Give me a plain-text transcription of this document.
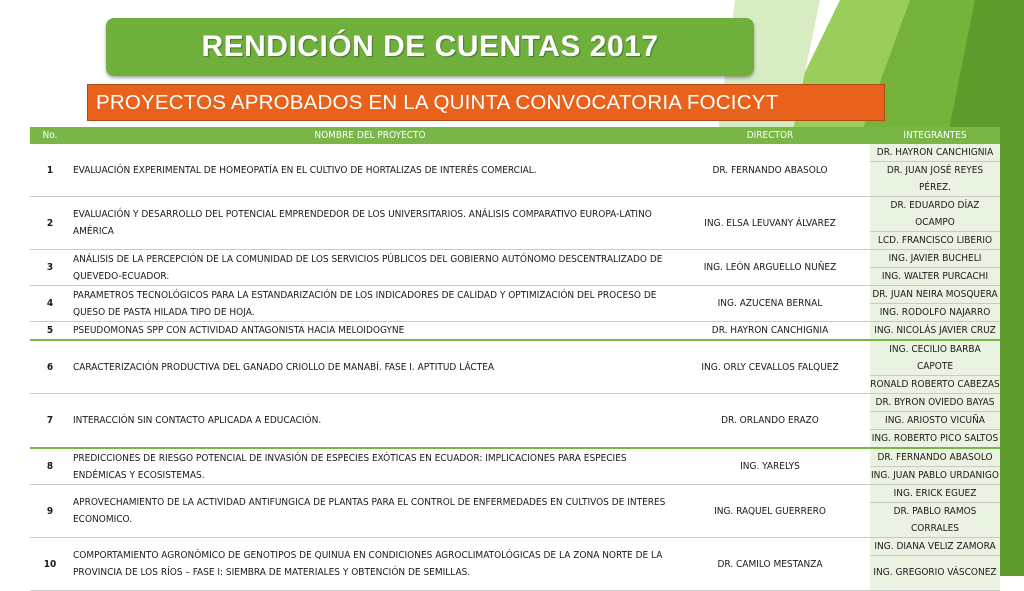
RENDICIÓN DE CUENTAS 2017
PROYECTOS APROBADOS EN LA QUINTA CONVOCATORIA FOCICYT
No.	NOMBRE DEL PROYECTO	DIRECTOR	INTEGRANTES
1	EVALUACIÓN EXPERIMENTAL DE HOMEOPATÍA EN EL CULTIVO DE HORTALIZAS DE INTERÉS COMERCIAL.	DR. FERNANDO ABASOLO	DR. HAYRON CANCHIGNIA
			DR. JUAN JOSÉ REYES PÉREZ.
2	EVALUACIÓN Y DESARROLLO DEL POTENCIAL EMPRENDEDOR DE LOS UNIVERSITARIOS. ANÁLISIS COMPARATIVO EUROPA-LATINO AMÉRICA	ING. ELSA LEUVANY ÁLVAREZ	DR. EDUARDO DÍAZ OCAMPO
			LCD. FRANCISCO LIBERIO
3	ANÁLISIS DE LA PERCEPCIÓN DE LA COMUNIDAD DE LOS SERVICIOS PÚBLICOS DEL GOBIERNO AUTÓNOMO DESCENTRALIZADO DE QUEVEDO-ECUADOR.	ING. LEÓN ARGUELLO NUÑEZ	ING. JAVIER BUCHELI
			ING. WALTER PURCACHI
4	PARAMETROS TECNOLÓGICOS PARA LA ESTANDARIZACIÓN DE LOS INDICADORES DE CALIDAD Y OPTIMIZACIÓN DEL PROCESO DE QUESO DE PASTA HILADA TIPO DE HOJA.	ING. AZUCENA BERNAL	DR. JUAN NEIRA MOSQUERA
			ING. RODOLFO NAJARRO
5	PSEUDOMONAS SPP CON ACTIVIDAD ANTAGONISTA HACIA MELOIDOGYNE	DR. HAYRON CANCHIGNIA	ING. NICOLÁS JAVIER CRUZ
6	CARACTERIZACIÓN PRODUCTIVA DEL GANADO CRIOLLO DE MANABÍ. FASE I. APTITUD LÁCTEA	ING. ORLY CEVALLOS FALQUEZ	ING. CECILIO BARBA CAPOTE
			RONALD ROBERTO CABEZAS
7	INTERACCIÓN SIN CONTACTO APLICADA A EDUCACIÓN.	DR. ORLANDO ERAZO	DR. BYRON OVIEDO BAYAS
			ING. ARIOSTO VICUÑA
			ING. ROBERTO PICO SALTOS
8	PREDICCIONES DE RIESGO POTENCIAL DE INVASIÓN DE ESPECIES EXÓTICAS EN ECUADOR: IMPLICACIONES PARA ESPECIES ENDÉMICAS Y ECOSISTEMAS.	ING. YARELYS	DR. FERNANDO ABASOLO
			ING. JUAN PABLO URDANIGO
9	APROVECHAMIENTO DE LA ACTIVIDAD ANTIFUNGICA DE PLANTAS PARA EL CONTROL DE ENFERMEDADES EN CULTIVOS DE INTERES ECONOMICO.	ING. RAQUEL GUERRERO	ING. ERICK EGUEZ
			DR. PABLO RAMOS CORRALES
10	COMPORTAMIENTO AGRONÓMICO DE GENOTIPOS DE QUINUA EN CONDICIONES AGROCLIMATOLÓGICAS DE LA ZONA NORTE DE LA PROVINCIA DE LOS RÍOS – FASE I: SIEMBRA DE MATERIALES Y OBTENCIÓN DE SEMILLAS.	DR. CAMILO MESTANZA	ING. DIANA VELIZ ZAMORA
			ING. GREGORIO VÁSCONEZ
